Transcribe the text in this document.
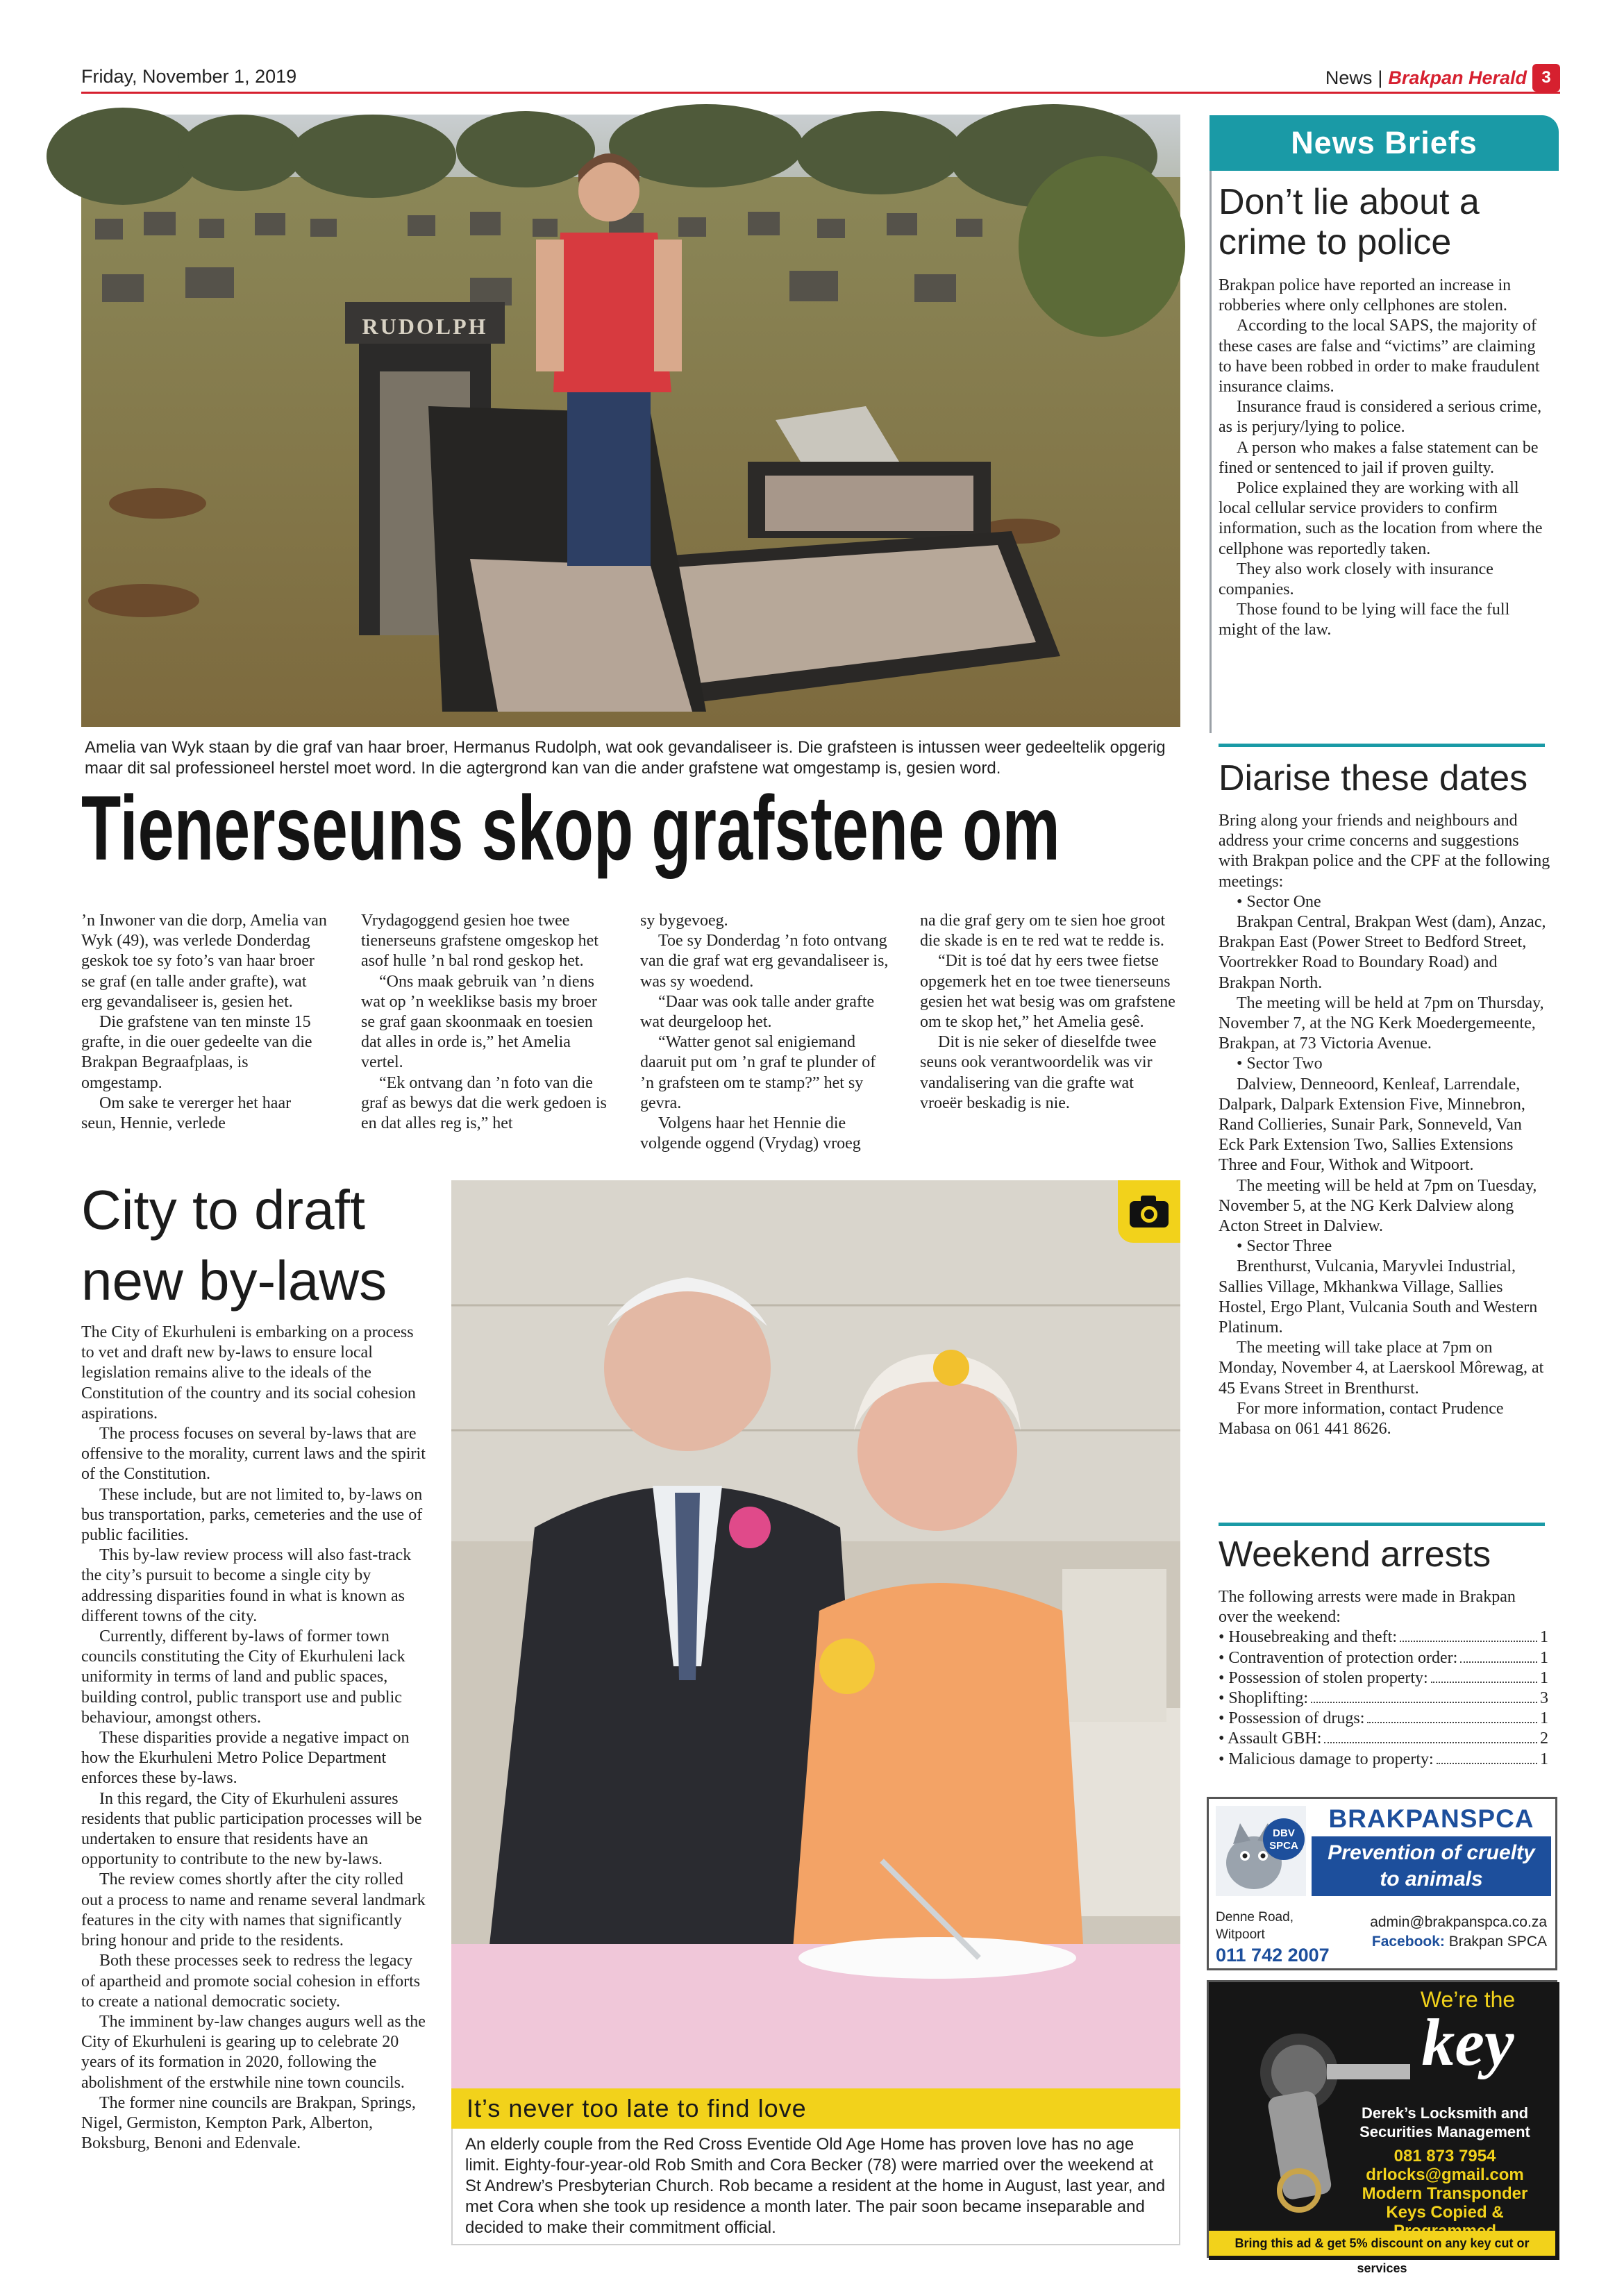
Friday, November 1, 2019	News | Brakpan Herald 3
RUDOLPH
Amelia van Wyk staan by die graf van haar broer, Hermanus Rudolph, wat ook gevandaliseer is. Die grafsteen is intussen weer gedeeltelik opgerig maar dit sal professioneel herstel moet word. In die agtergrond kan van die ander grafstene wat omgestamp is, gesien word.
Tienerseuns skop grafstene om

’n Inwoner van die dorp, Amelia van Wyk (49), was verlede Donderdag geskok toe sy foto’s van haar broer se graf (en talle ander grafte), wat erg gevandaliseer is, gesien het.

Die grafstene van ten minste 15 grafte, in die ouer gedeelte van die Brakpan Begraafplaas, is omgestamp.

Om sake te vererger het haar seun, Hennie, verlede

Vrydagoggend gesien hoe twee tienerseuns grafstene omgeskop het asof hulle ’n bal rond geskop het.

“Ons maak gebruik van ’n diens wat op ’n weeklikse basis my broer se graf gaan skoonmaak en toesien dat alles in orde is,” het Amelia vertel.

“Ek ontvang dan ’n foto van die graf as bewys dat die werk gedoen is en dat alles reg is,” het

sy bygevoeg.

Toe sy Donderdag ’n foto ontvang van die graf wat erg gevandaliseer is, was sy woedend.

“Daar was ook talle ander grafte wat deurgeloop het.

“Watter genot sal enigiemand daaruit put om ’n graf te plunder of ’n grafsteen om te stamp?” het sy gevra.

Volgens haar het Hennie die volgende oggend (Vrydag) vroeg

na die graf gery om te sien hoe groot die skade is en te red wat te redde is.

“Dit is toé dat hy eers twee fietse opgemerk het en toe twee tienerseuns gesien het wat besig was om grafstene om te skop het,” het Amelia gesê.

Dit is nie seker of dieselfde twee seuns ook verantwoordelik was vir vandalisering van die grafte wat vroeër beskadig is nie.

City to draft
new by-laws

The City of Ekurhuleni is embarking on a process to vet and draft new by-laws to ensure local legislation remains alive to the ideals of the Constitution of the country and its social cohesion aspirations.

The process focuses on several by-laws that are offensive to the morality, current laws and the spirit of the Constitution.

These include, but are not limited to, by-laws on bus transportation, parks, cemeteries and the use of public facilities.

This by-law review process will also fast-track the city’s pursuit to become a single city by addressing disparities found in what is known as different towns of the city.

Currently, different by-laws of former town councils constituting the City of Ekurhuleni lack uniformity in terms of land and public spaces, building control, public transport use and public behaviour, amongst others.

These disparities provide a negative impact on how the Ekurhuleni Metro Police Department enforces these by-laws.

In this regard, the City of Ekurhuleni assures residents that public participation processes will be undertaken to ensure that residents have an opportunity to contribute to the new by-laws.

The review comes shortly after the city rolled out a process to name and rename several landmark features in the city with names that significantly bring honour and pride to the residents.

Both these processes seek to redress the legacy of apartheid and promote social cohesion in efforts to create a national democratic society.

The imminent by-law changes augurs well as the City of Ekurhuleni is gearing up to celebrate 20 years of its formation in 2020, following the abolishment of the erstwhile nine town councils.

The former nine councils are Brakpan, Springs, Nigel, Germiston, Kempton Park, Alberton, Boksburg, Benoni and Edenvale.

It’s never too late to find love
An elderly couple from the Red Cross Eventide Old Age Home has proven love has no age limit. Eighty-four-year-old Rob Smith and Cora Becker (78) were married over the weekend at St Andrew’s Presbyterian Church. Rob became a resident at the home in August, last year, and met Cora when she took up residence a month later. The pair soon became inseparable and decided to make their commitment official.
News Briefs
Don’t lie about a
crime to police

Brakpan police have reported an increase in robberies where only cellphones are stolen.

According to the local SAPS, the majority of these cases are false and “victims” are claiming to have been robbed in order to make fraudulent insurance claims.

Insurance fraud is considered a serious crime, as is perjury/lying to police.

A person who makes a false statement can be fined or sentenced to jail if proven guilty.

Police explained they are working with all local cellular service providers to confirm information, such as the location from where the cellphone was reportedly taken.

They also work closely with insurance companies.

Those found to be lying will face the full might of the law.

Diarise these dates

Bring along your friends and neighbours and address your crime concerns and suggestions with Brakpan police and the CPF at the following meetings:

• Sector One

Brakpan Central, Brakpan West (dam), Anzac, Brakpan East (Power Street to Bedford Street, Voortrekker Road to Boundary Road) and Brakpan North.

The meeting will be held at 7pm on Thursday, November 7, at the NG Kerk Moedergemeente, Brakpan, at 73 Victoria Avenue.

• Sector Two

Dalview, Denneoord, Kenleaf, Larrendale, Dalpark, Dalpark Extension Five, Minnebron, Rand Collieries, Sunair Park, Sonneveld, Van Eck Park Extension Two, Sallies Extensions Three and Four, Withok and Witpoort.

The meeting will be held at 7pm on Tuesday, November 5, at the NG Kerk Dalview along Acton Street in Dalview.

• Sector Three

Brenthurst, Vulcania, Maryvlei Industrial, Sallies Village, Mkhankwa Village, Sallies Hostel, Ergo Plant, Vulcania South and Western Platinum.

The meeting will take place at 7pm on Monday, November 4, at Laerskool Môrewag, at 45 Evans Street in Brenthurst.

For more information, contact Prudence Mabasa on 061 441 8626.

Weekend arrests

The following arrests were made in Brakpan over the weekend:

• Housebreaking and theft:	1
• Contravention of protection order:	1
• Possession of stolen property:	1
• Shoplifting:	3
• Possession of drugs:	1
• Assault GBH:	2
• Malicious damage to property:	1
DBV
SPCA
BRAKPANSPCA
Prevention of cruelty
to animals
Denne Road,
Witpoort
011 742 2007
admin@brakpanspca.co.za
Facebook: Brakpan SPCA
We’re the
key
Derek’s Locksmith and
Securities Management
081 873 7954
drlocks@gmail.com
Modern Transponder
Keys Copied &
Bring this ad & get 5% discount on any key cut or services
